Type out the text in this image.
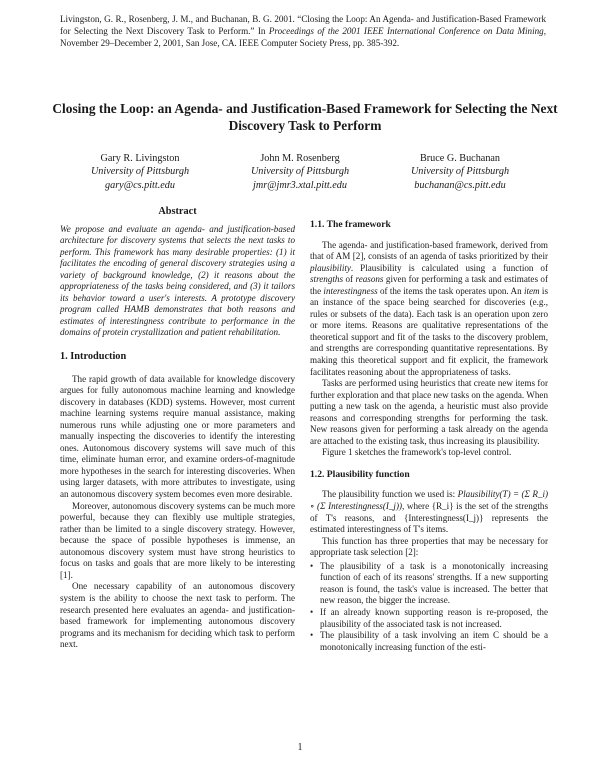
Livingston, G. R., Rosenberg, J. M., and Buchanan, B. G. 2001. “Closing the Loop: An Agenda- and Justification-Based Framework for Selecting the Next Discovery Task to Perform.” In Proceedings of the 2001 IEEE International Conference on Data Mining, November 29–December 2, 2001, San Jose, CA. IEEE Computer Society Press, pp. 385-392.
Closing the Loop: an Agenda- and Justification-Based Framework for Selecting the Next Discovery Task to Perform
Gary R. Livingston
University of Pittsburgh
gary@cs.pitt.edu
John M. Rosenberg
University of Pittsburgh
jmr@jmr3.xtal.pitt.edu
Bruce G. Buchanan
University of Pittsburgh
buchanan@cs.pitt.edu
Abstract

We propose and evaluate an agenda- and justification-based architecture for discovery systems that selects the next tasks to perform. This framework has many desirable properties: (1) it facilitates the encoding of general discovery strategies using a variety of background knowledge, (2) it reasons about the appropriateness of the tasks being considered, and (3) it tailors its behavior toward a user's interests. A prototype discovery program called HAMB demonstrates that both reasons and estimates of interestingness contribute to performance in the domains of protein crystallization and patient rehabilitation.

1. Introduction

The rapid growth of data available for knowledge discovery argues for fully autonomous machine learning and knowledge discovery in databases (KDD) systems. However, most current machine learning systems require manual assistance, making numerous runs while adjusting one or more parameters and manually inspecting the discoveries to identify the interesting ones. Autonomous discovery systems will save much of this time, eliminate human error, and examine orders-of-magnitude more hypotheses in the search for interesting discoveries. When using larger datasets, with more attributes to investigate, using an autonomous discovery system becomes even more desirable.

Moreover, autonomous discovery systems can be much more powerful, because they can flexibly use multiple strategies, rather than be limited to a single discovery strategy. However, because the space of possible hypotheses is immense, an autonomous discovery system must have strong heuristics to focus on tasks and goals that are more likely to be interesting [1].

One necessary capability of an autonomous discovery system is the ability to choose the next task to perform. The research presented here evaluates an agenda- and justification-based framework for implementing autonomous discovery programs and its mechanism for deciding which task to perform next.

1.1. The framework

The agenda- and justification-based framework, derived from that of AM [2], consists of an agenda of tasks prioritized by their plausibility. Plausibility is calculated using a function of strengths of reasons given for performing a task and estimates of the interestingness of the items the task operates upon. An item is an instance of the space being searched for discoveries (e.g., rules or subsets of the data). Each task is an operation upon zero or more items. Reasons are qualitative representations of the theoretical support and fit of the tasks to the discovery problem, and strengths are corresponding quantitative representations. By making this theoretical support and fit explicit, the framework facilitates reasoning about the appropriateness of tasks.

Tasks are performed using heuristics that create new items for further exploration and that place new tasks on the agenda. When putting a new task on the agenda, a heuristic must also provide reasons and corresponding strengths for performing the task. New reasons given for performing a task already on the agenda are attached to the existing task, thus increasing its plausibility.

Figure 1 sketches the framework's top-level control.

1.2. Plausibility function

The plausibility function we used is: Plausibility(T) = (Σ R_i) ∘ (Σ Interestingness(I_j)), where {R_i} is the set of the strengths of T's reasons, and {Interestingness(I_j)} represents the estimated interestingness of T's items.

This function has three properties that may be necessary for appropriate task selection [2]:

• The plausibility of a task is a monotonically increasing function of each of its reasons' strengths. If a new supporting reason is found, the task's value is increased. The better that new reason, the bigger the increase.
• If an already known supporting reason is re-proposed, the plausibility of the associated task is not increased.
• The plausibility of a task involving an item C should be a monotonically increasing function of the esti-
1
